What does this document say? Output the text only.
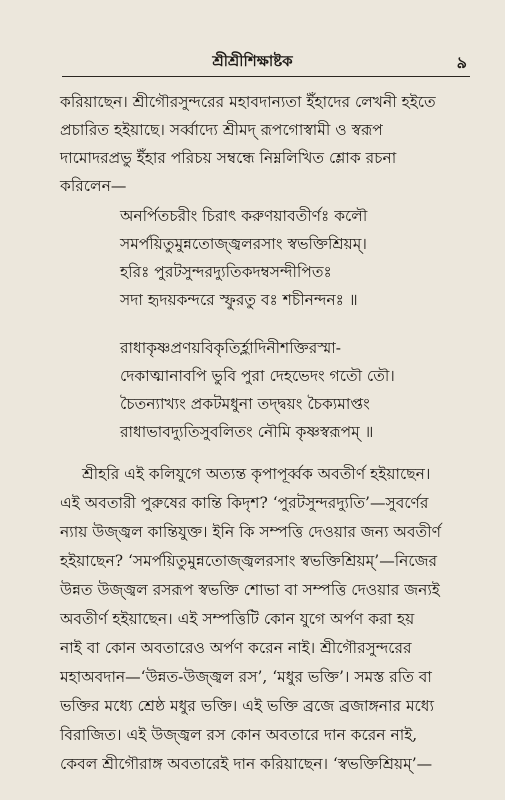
শ্রীশ্রীশিক্ষাষ্টক	৯
করিয়াছেন। শ্রীগৌরসুন্দরের মহাবদান্যতা ইঁহাদের লেখনী হইতে
প্রচারিত হইয়াছে। সর্ব্বাদ্যে শ্রীমদ্ রূপগোস্বামী ও স্বরূপ
দামোদরপ্রভু ইঁহার পরিচয় সম্বন্ধে নিম্নলিখিত শ্লোক রচনা
করিলেন—
অনর্পিতচরীং চিরাৎ করুণয়াবতীর্ণঃ কলৌ
সমর্পয়িতুমুন্নতোজ্জ্বলরসাং স্বভক্তিশ্রিয়ম্।
হরিঃ পুরটসুন্দরদ্যুতিকদম্বসন্দীপিতঃ
সদা হৃদয়কন্দরে স্ফুরতু বঃ শচীনন্দনঃ ॥
রাধাকৃষ্ণপ্রণয়বিকৃতির্হ্লাদিনীশক্তিরস্মা-
দেকাত্মানাবপি ভুবি পুরা দেহভেদং গতৌ তৌ।
চৈতন্যাখ্যং প্রকটমধুনা তদ্দ্বয়ং চৈক্যমাপ্তং
রাধাভাবদ্যুতিসুবলিতং নৌমি কৃষ্ণস্বরূপম্ ॥
শ্রীহরি এই কলিযুগে অত্যন্ত কৃপাপূর্ব্বক অবতীর্ণ হইয়াছেন।
এই অবতারী পুরুষের কান্তি কিদৃশ? ‘পুরটসুন্দরদ্যুতি’—সুবর্ণের
ন্যায় উজ্জ্বল কান্তিযুক্ত। ইনি কি সম্পত্তি দেওয়ার জন্য অবতীর্ণ
হইয়াছেন? ‘সমর্পয়িতুমুন্নতোজ্জ্বলরসাং স্বভক্তিশ্রিয়ম্’—নিজের
উন্নত উজ্জ্বল রসরূপ স্বভক্তি শোভা বা সম্পত্তি দেওয়ার জন্যই
অবতীর্ণ হইয়াছেন। এই সম্পত্তিটি কোন যুগে অর্পণ করা হয়
নাই বা কোন অবতারেও অর্পণ করেন নাই। শ্রীগৌরসুন্দরের
মহাঅবদান—‘উন্নত-উজ্জ্বল রস’, ‘মধুর ভক্তি’। সমস্ত রতি বা
ভক্তির মধ্যে শ্রেষ্ঠ মধুর ভক্তি। এই ভক্তি ব্রজে ব্রজাঙ্গনার মধ্যে
বিরাজিত। এই উজ্জ্বল রস কোন অবতারে দান করেন নাই,
কেবল শ্রীগৌরাঙ্গ অবতারেই দান করিয়াছেন। ‘স্বভক্তিশ্রিয়ম্’—
